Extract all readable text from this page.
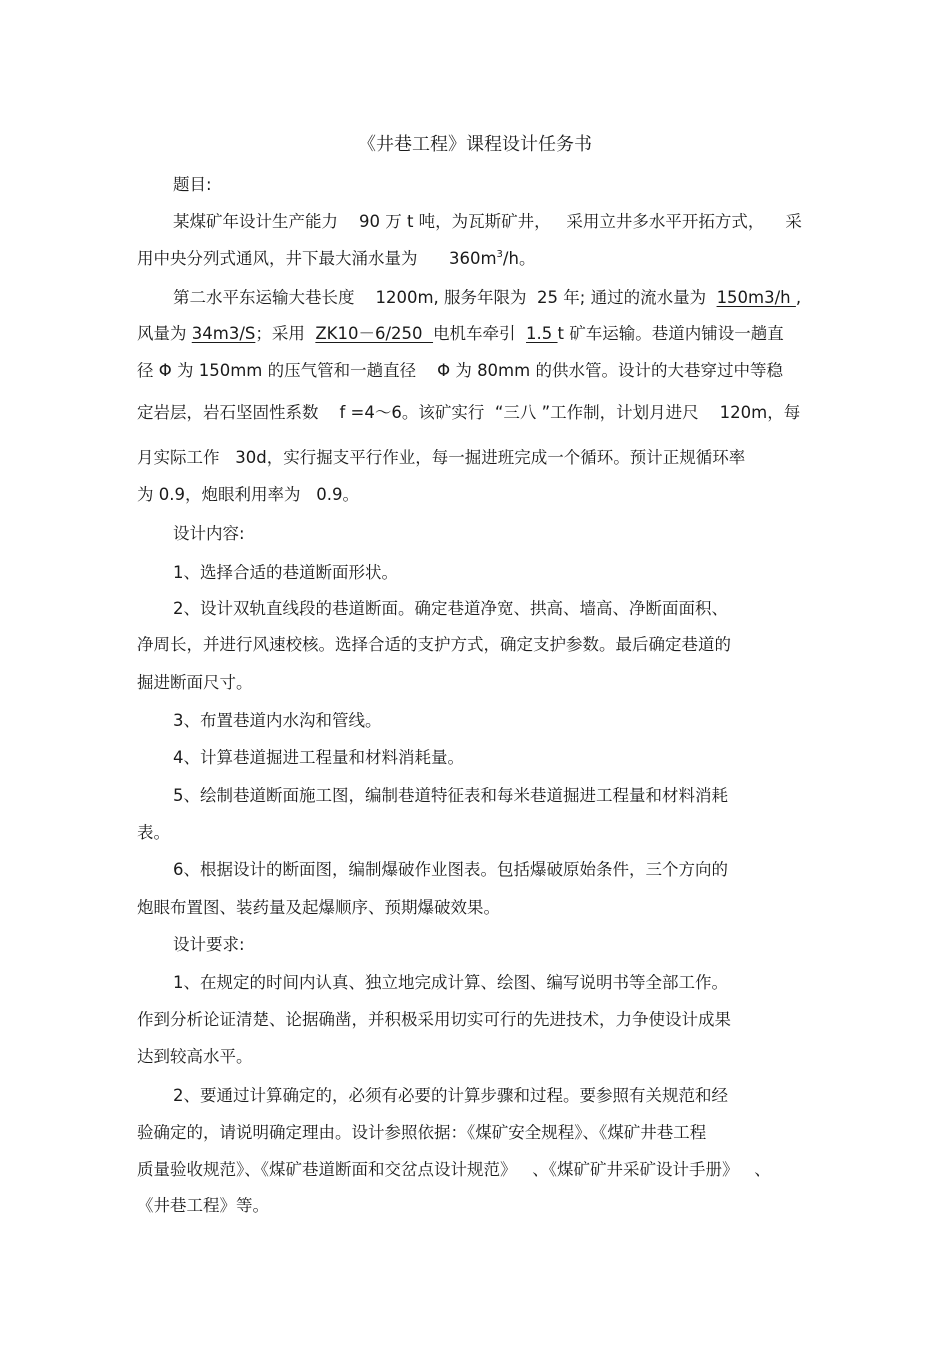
《井巷工程》课程设计任务书
题目:
某煤矿年设计生产能力    90 万 t 吨，为瓦斯矿井，   采用立井多水平开拓方式，    采
用中央分列式通风，井下最大涌水量为      $360m^3/h$。
第二水平东运输大巷长度    1200m, 服务年限为  25 年; 通过的流水量为  150m3/h ,
风量为 34m3/S；采用  ZK10－6/250  电机车牵引  1.5 t 矿车运输。巷道内铺设一趟直
径 Φ 为 150mm 的压气管和一趟直径    Φ 为 80mm 的供水管。设计的大巷穿过中等稳
定岩层，岩石坚固性系数    f =4～6。该矿实行  “三八 ”工作制，计划月进尺    120m，每
月实际工作   30d，实行掘支平行作业，每一掘进班完成一个循环。预计正规循环率
为 0.9，炮眼利用率为   0.9。
设计内容:
1、选择合适的巷道断面形状。
2、设计双轨直线段的巷道断面。确定巷道净宽、拱高、墙高、净断面面积、
净周长，并进行风速校核。选择合适的支护方式，确定支护参数。最后确定巷道的
掘进断面尺寸。
3、布置巷道内水沟和管线。
4、计算巷道掘进工程量和材料消耗量。
5、绘制巷道断面施工图，编制巷道特征表和每米巷道掘进工程量和材料消耗
表。
6、根据设计的断面图，编制爆破作业图表。包括爆破原始条件，三个方向的
炮眼布置图、装药量及起爆顺序、预期爆破效果。
设计要求:
1、在规定的时间内认真、独立地完成计算、绘图、编写说明书等全部工作。
作到分析论证清楚、论据确凿，并积极采用切实可行的先进技术，力争使设计成果
达到较高水平。
2、要通过计算确定的，必须有必要的计算步骤和过程。要参照有关规范和经
验确定的，请说明确定理由。设计参照依据：《煤矿安全规程》、《煤矿井巷工程
质量验收规范》、《煤矿巷道断面和交岔点设计规范》   、《煤矿矿井采矿设计手册》   、
《井巷工程》等。
